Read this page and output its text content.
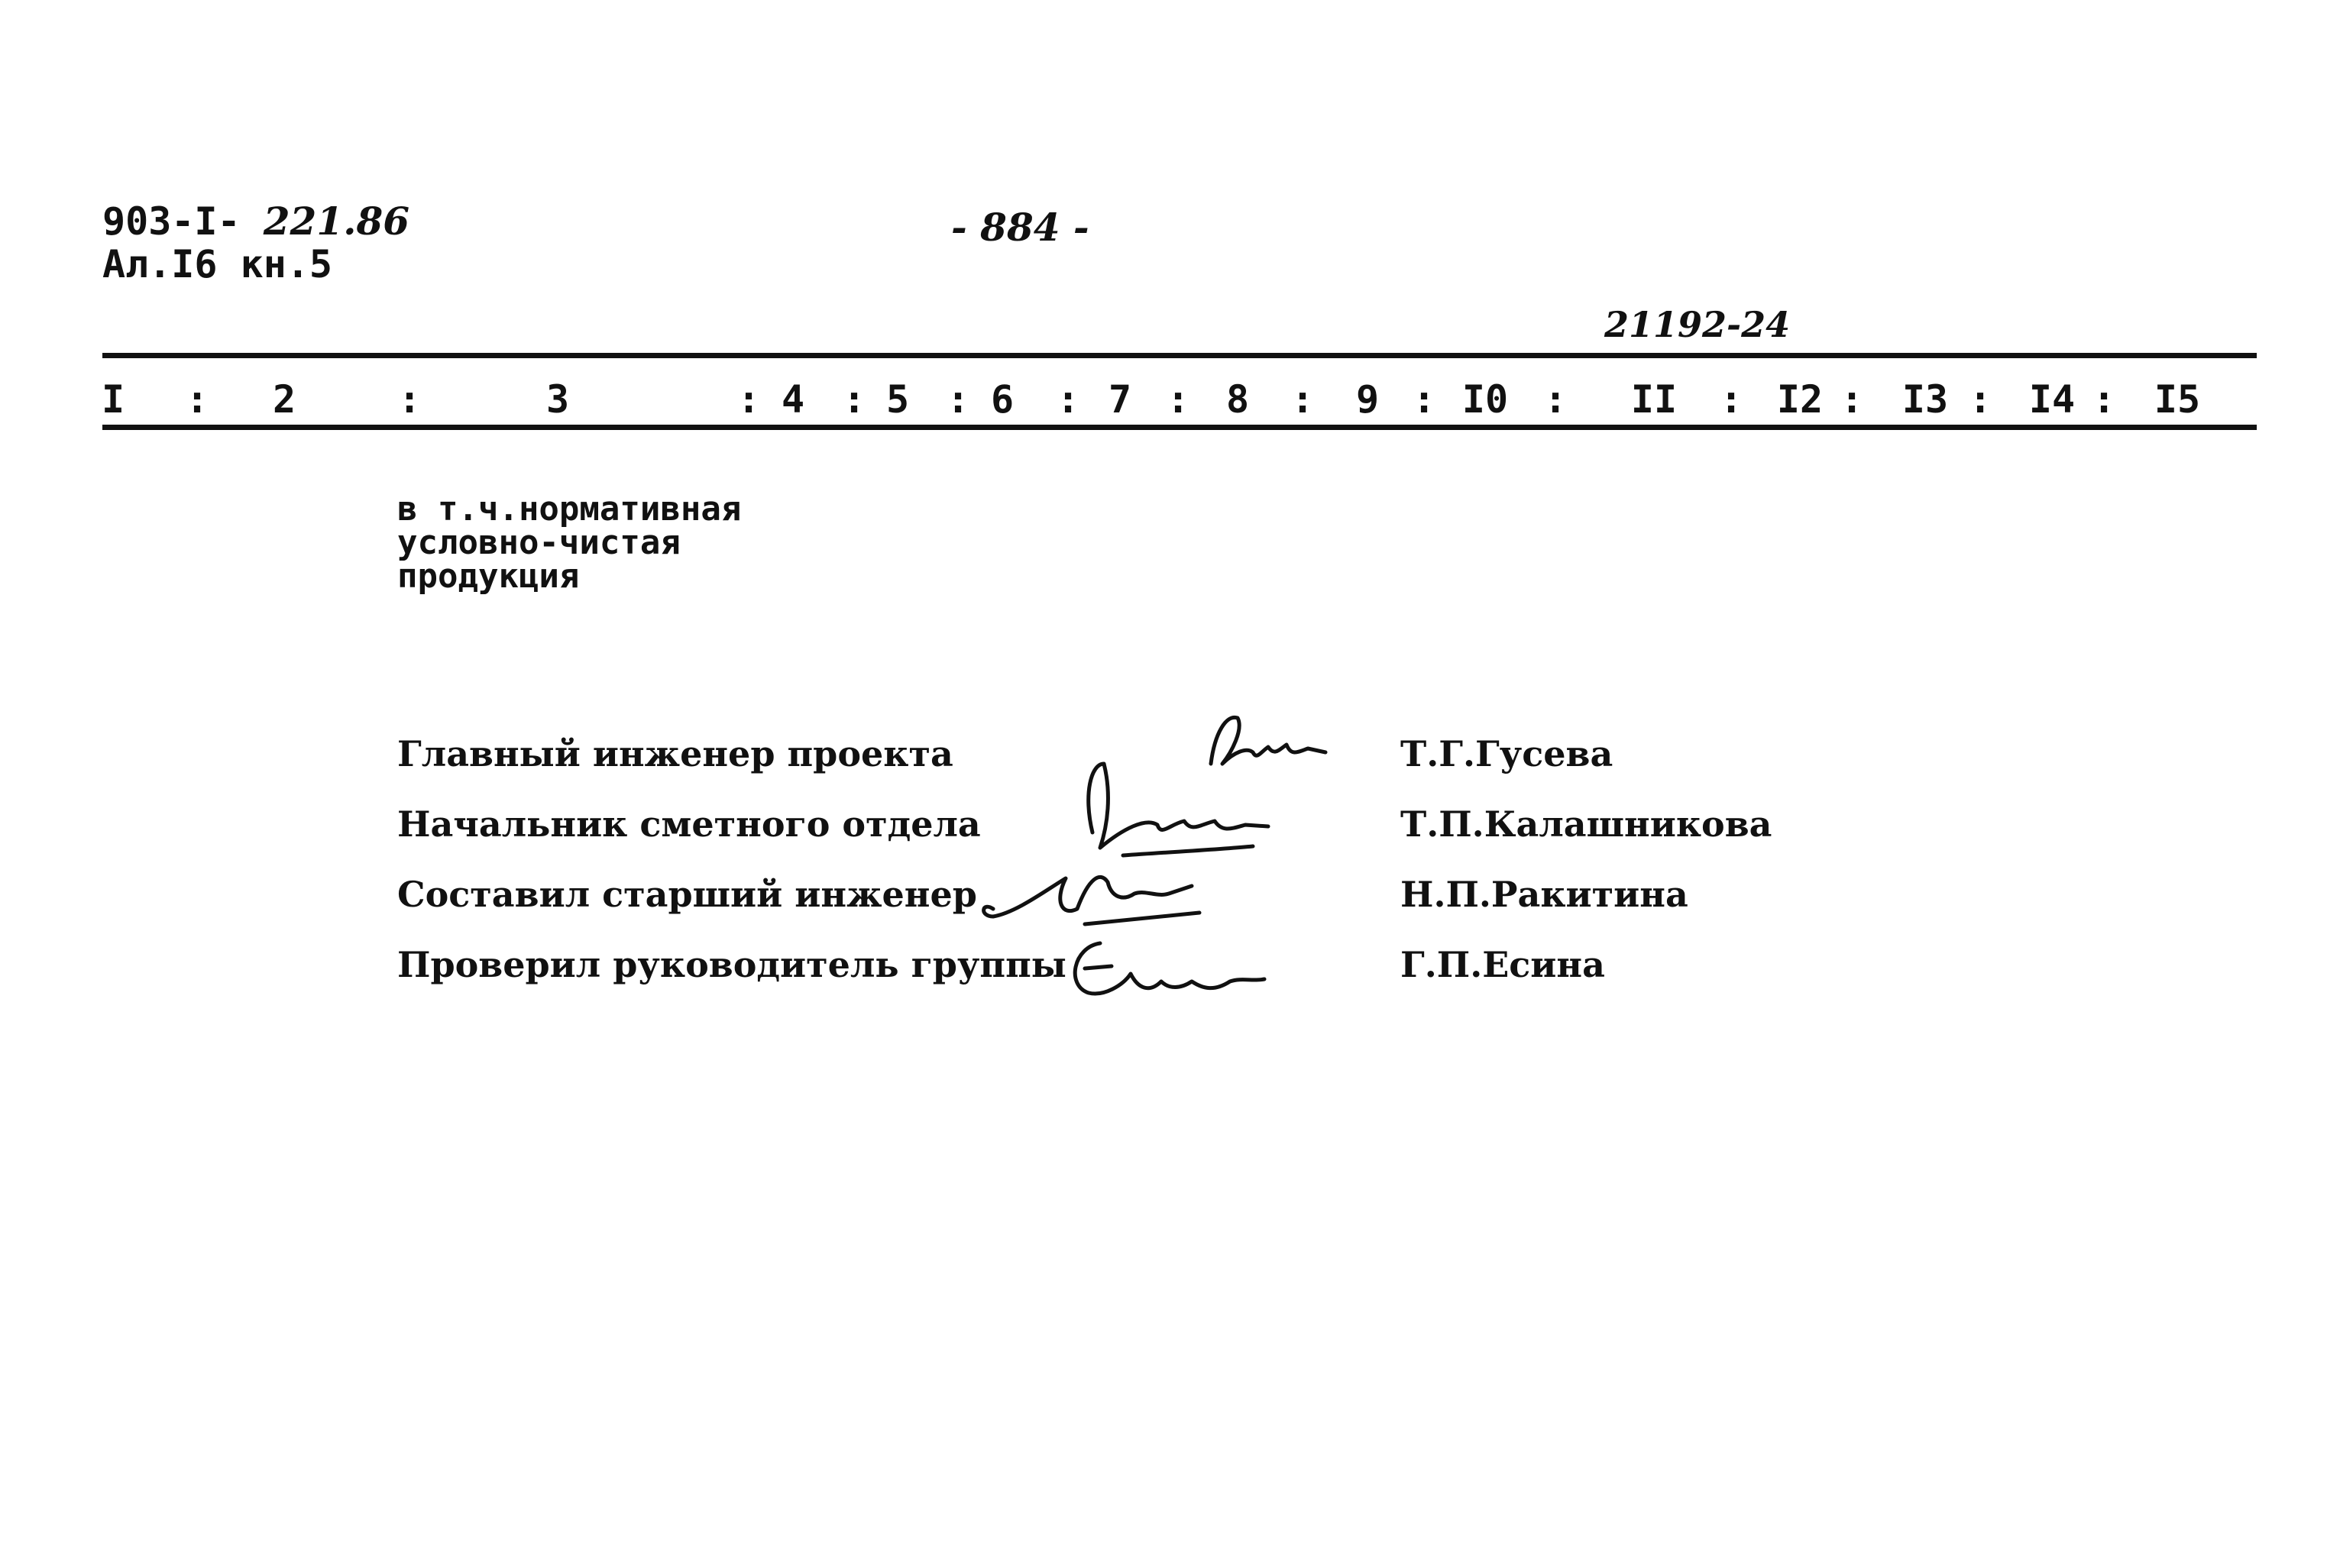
903-I- 221.86
Ал.I6 кн.5
- 884 -
21192-24
I : 2	:	3	: 4 : 5 : 6 : 7 : 8 : 9 : I0 : II : I2 : I3 : I4 : I5
в т.ч.нормативная
условно-чистая
продукция
Главный инженер проекта	Т.Г.Гусева
Начальник сметного отдела	Т.П.Калашникова
Составил старший инженер	Н.П.Ракитина
Проверил руководитель группы	Г.П.Есина
